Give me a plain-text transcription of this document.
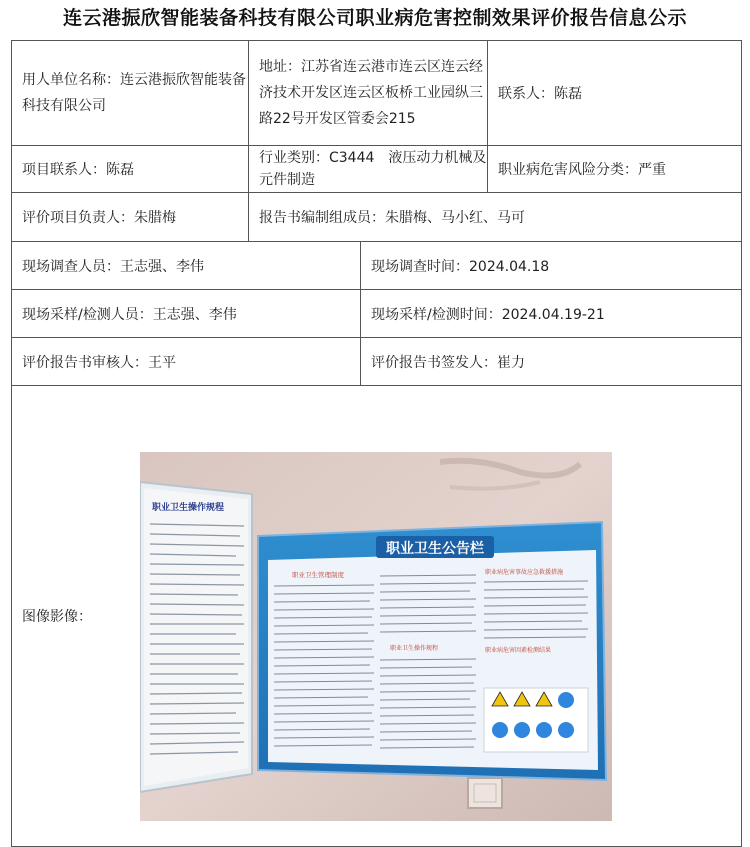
连云港振欣智能装备科技有限公司职业病危害控制效果评价报告信息公示
用人单位名称：连云港振欣智能装备科技有限公司	地址：江苏省连云港市连云区连云经济技术开发区连云区板桥工业园纵三路22号开发区管委会215		联系人：陈磊

项目联系人：陈磊	行业类别：C3444　液压动力机械及元件制造		职业病危害风险分类：严重

评价项目负责人：朱腊梅	报告书编制组成员：朱腊梅、马小红、马可		

现场调查人员：王志强、李伟		现场调查时间：2024.04.18	

现场采样/检测人员：王志强、李伟		现场采样/检测时间：2024.04.19-21	

评价报告书审核人：王平		评价报告书签发人：崔力	

图像影像：			
职业卫生操作规程
职业卫生公告栏
职业卫生管理制度	职业病危害事故应急救援措施
职业卫生操作规程	职业病危害因素检测结果
